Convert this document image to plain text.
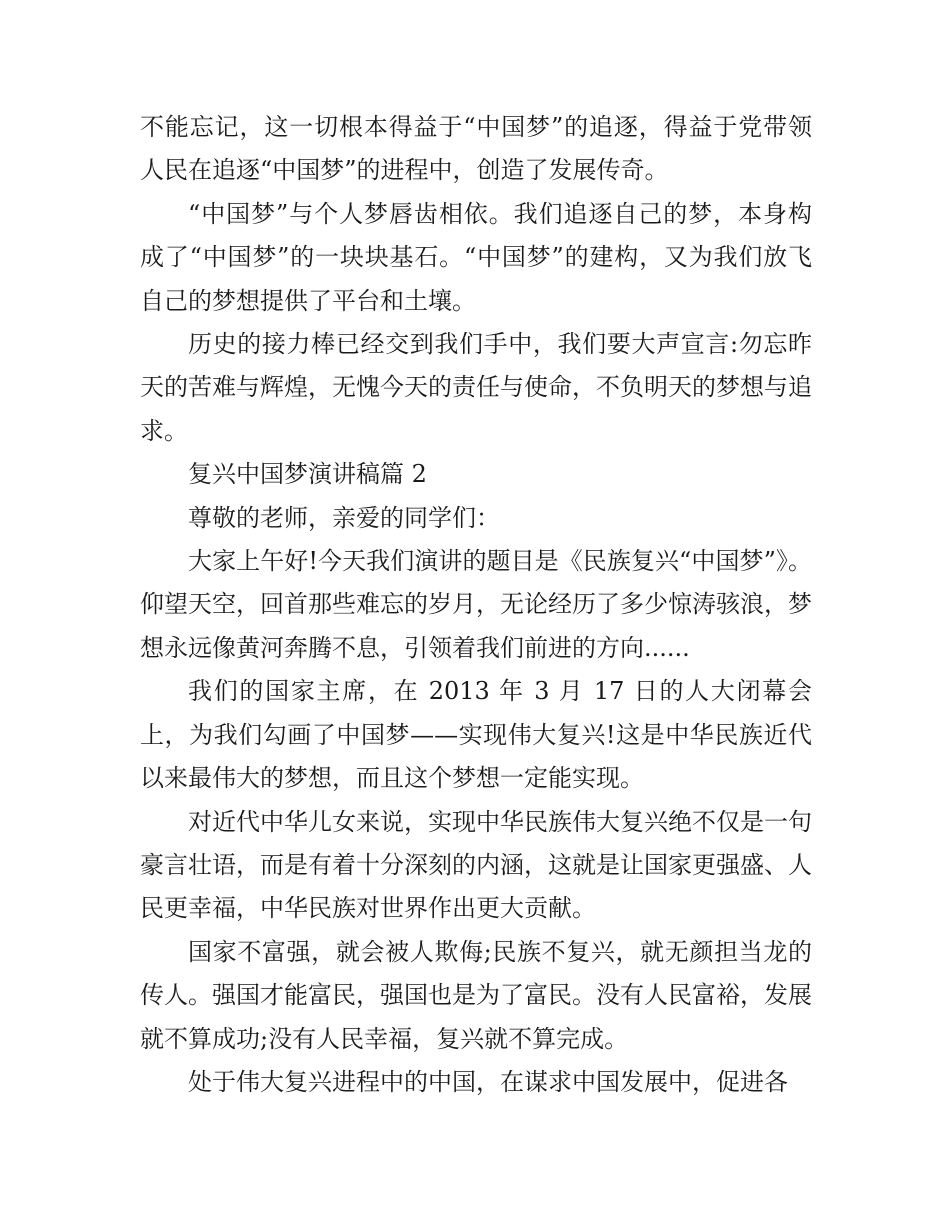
不能忘记，这一切根本得益于“中国梦”的追逐，得益于党带领人民在追逐“中国梦”的进程中，创造了发展传奇。

“中国梦”与个人梦唇齿相依。我们追逐自己的梦，本身构成了“中国梦”的一块块基石。“中国梦”的建构，又为我们放飞自己的梦想提供了平台和土壤。

历史的接力棒已经交到我们手中，我们要大声宣言:勿忘昨天的苦难与辉煌，无愧今天的责任与使命，不负明天的梦想与追求。

复兴中国梦演讲稿篇 2

尊敬的老师，亲爱的同学们：

大家上午好!今天我们演讲的题目是《民族复兴“中国梦”》。 仰望天空，回首那些难忘的岁月，无论经历了多少惊涛骇浪，梦想永远像黄河奔腾不息，引领着我们前进的方向......

我们的国家主席，在 2013 年 3 月 17 日的人大闭幕会上，为我们勾画了中国梦——实现伟大复兴!这是中华民族近代以来最伟大的梦想，而且这个梦想一定能实现。

对近代中华儿女来说，实现中华民族伟大复兴绝不仅是一句豪言壮语，而是有着十分深刻的内涵，这就是让国家更强盛、人民更幸福，中华民族对世界作出更大贡献。

国家不富强，就会被人欺侮;民族不复兴，就无颜担当龙的传人。强国才能富民，强国也是为了富民。没有人民富裕，发展就不算成功;没有人民幸福，复兴就不算完成。

处于伟大复兴进程中的中国，在谋求中国发展中，促进各
